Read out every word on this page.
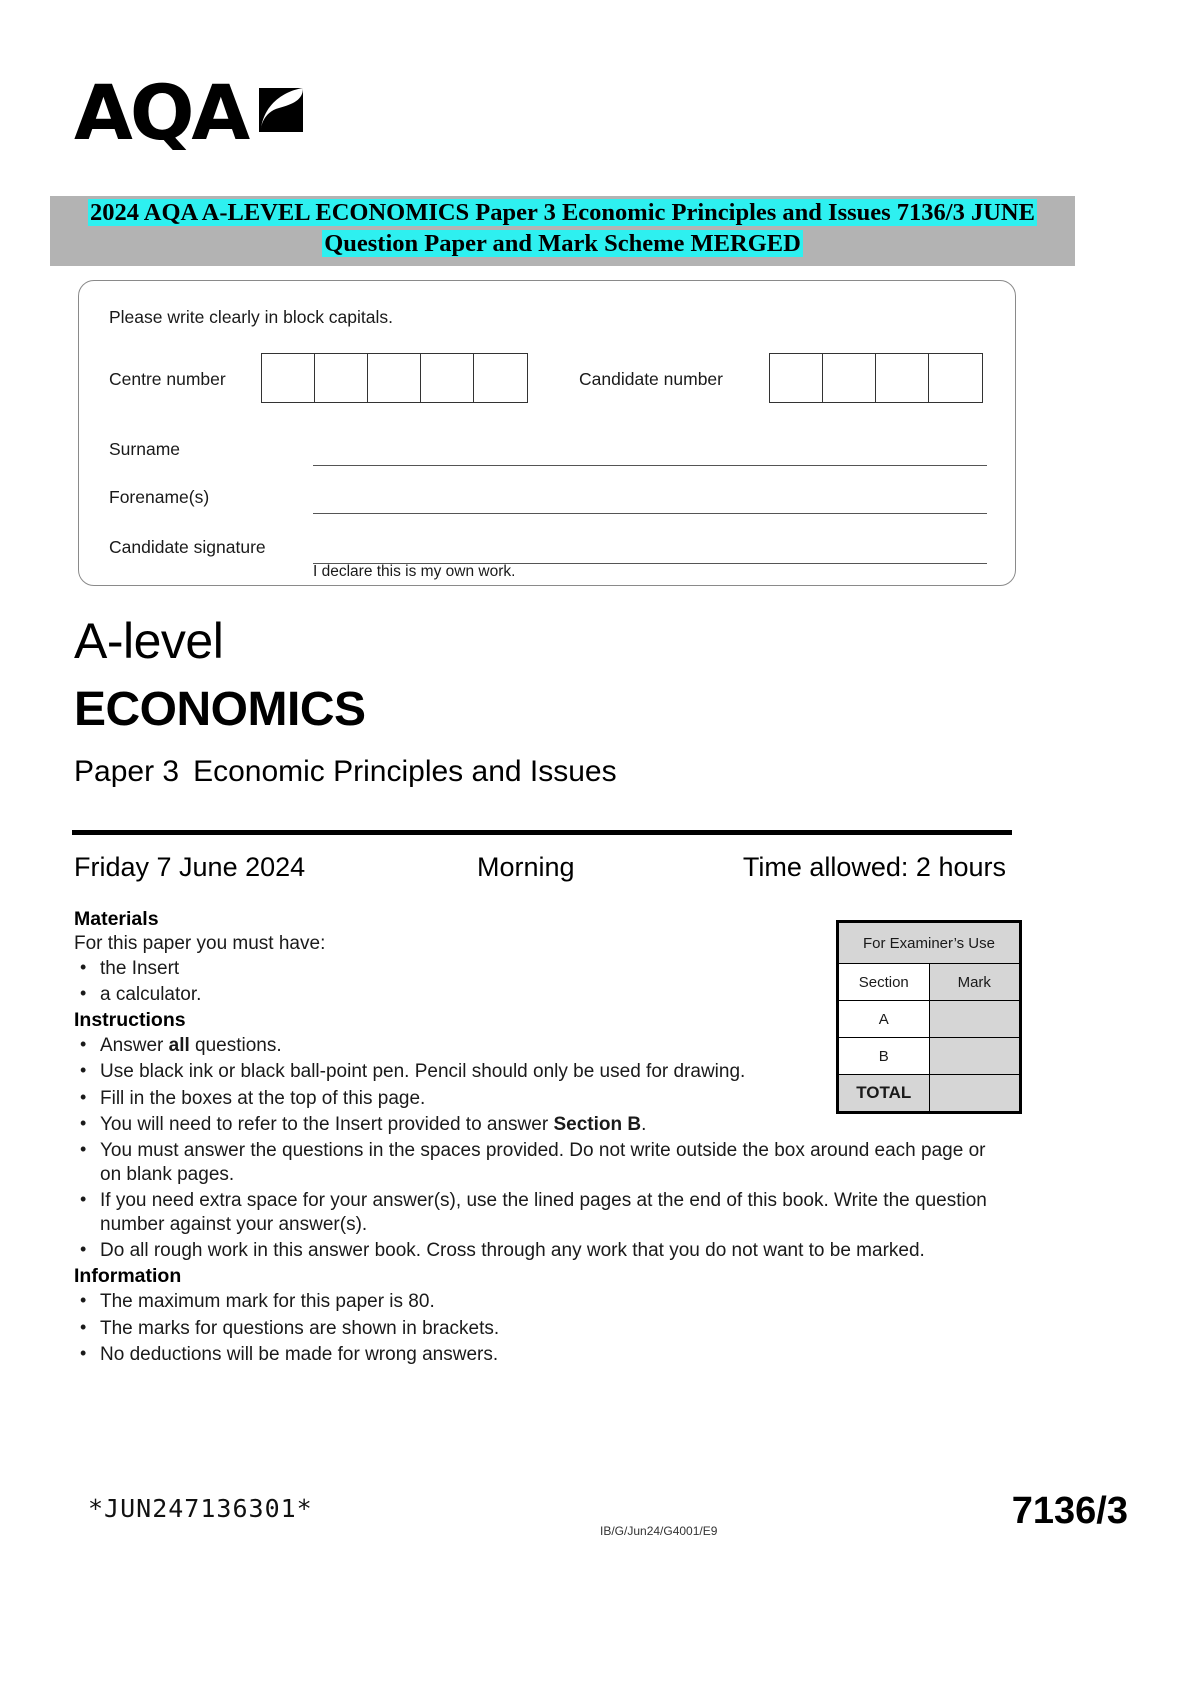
AQA
2024 AQA A-LEVEL ECONOMICS Paper 3 Economic Principles and Issues 7136/3 JUNE
Question Paper and Mark Scheme MERGED
Please write clearly in block capitals.
Centre number	Candidate number
Surname
Forename(s)
Candidate signature
I declare this is my own work.
A-level
ECONOMICS
Paper 3 Economic Principles and Issues
Friday 7 June 2024	Morning	Time allowed: 2 hours
For Examiner’s Use	
Section	Mark
A	
B	
TOTAL	
Materials

For this paper you must have:

• the Insert
• a calculator.
Instructions
• Answer all questions.
• Use black ink or black ball-point pen. Pencil should only be used for drawing.
• Fill in the boxes at the top of this page.
• You will need to refer to the Insert provided to answer Section B.
• You must answer the questions in the spaces provided. Do not write outside the box around each page or on blank pages.
• If you need extra space for your answer(s), use the lined pages at the end of this book. Write the question number against your answer(s).
• Do all rough work in this answer book. Cross through any work that you do not want to be marked.
Information
• The maximum mark for this paper is 80.
• The marks for questions are shown in brackets.
• No deductions will be made for wrong answers.
*JUN247136301*
IB/G/Jun24/G4001/E9	7136/3
